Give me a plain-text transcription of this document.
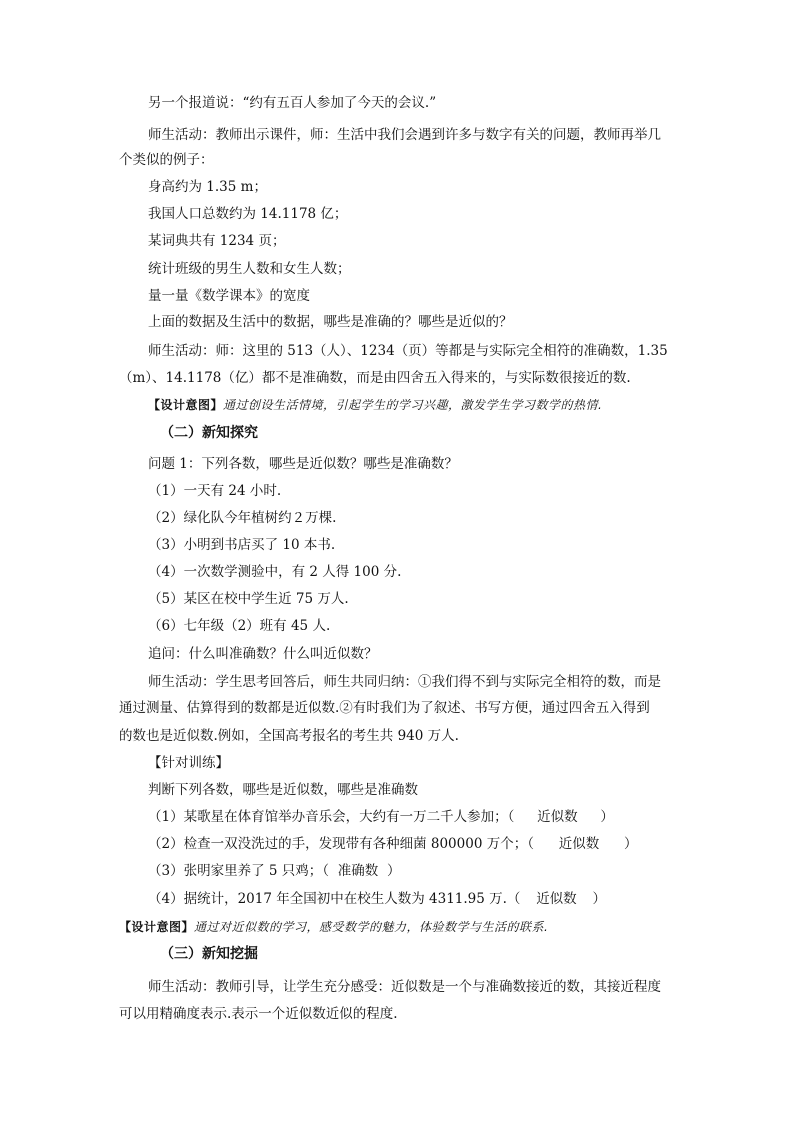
另一个报道说：“约有五百人参加了今天的会议.”
师生活动：教师出示课件，师：生活中我们会遇到许多与数字有关的问题，教师再举几
个类似的例子：
身高约为 1.35 m；
我国人口总数约为 14.1178 亿；
某词典共有 1234 页；
统计班级的男生人数和女生人数；
量一量《数学课本》的宽度
上面的数据及生活中的数据，哪些是准确的？哪些是近似的？
师生活动：师：这里的 513（人）、1234（页）等都是与实际完全相符的准确数，1.35
（m）、14.1178（亿）都不是准确数，而是由四舍五入得来的，与实际数很接近的数.
【设计意图】通过创设生活情境，引起学生的学习兴趣，激发学生学习数学的热情.
（二）新知探究
问题 1：下列各数，哪些是近似数？哪些是准确数？
（1）一天有 24 小时.
（2）绿化队今年植树约２万棵.
（3）小明到书店买了 10 本书.
（4）一次数学测验中，有 2 人得 100 分.
（5）某区在校中学生近 75 万人.
（6）七年级（2）班有 45 人.
追问：什么叫准确数？什么叫近似数？
师生活动：学生思考回答后，师生共同归纳：①我们得不到与实际完全相符的数，而是
通过测量、估算得到的数都是近似数.②有时我们为了叙述、书写方便，通过四舍五入得到
的数也是近似数.例如，全国高考报名的考生共 940 万人.
【针对训练】
判断下列各数，哪些是近似数，哪些是准确数
（1）某歌星在体育馆举办音乐会，大约有一万二千人参加；（ 近似数 ）
（2）检查一双没洗过的手，发现带有各种细菌 800000 万个；（ 近似数 ）
（3）张明家里养了 5 只鸡；（ 准确数 ）
（4）据统计，2017 年全国初中在校生人数为 4311.95 万.（ 近似数 ）
【设计意图】通过对近似数的学习，感受数学的魅力，体验数学与生活的联系.
（三）新知挖掘
师生活动：教师引导，让学生充分感受：近似数是一个与准确数接近的数，其接近程度
可以用精确度表示.表示一个近似数近似的程度.
